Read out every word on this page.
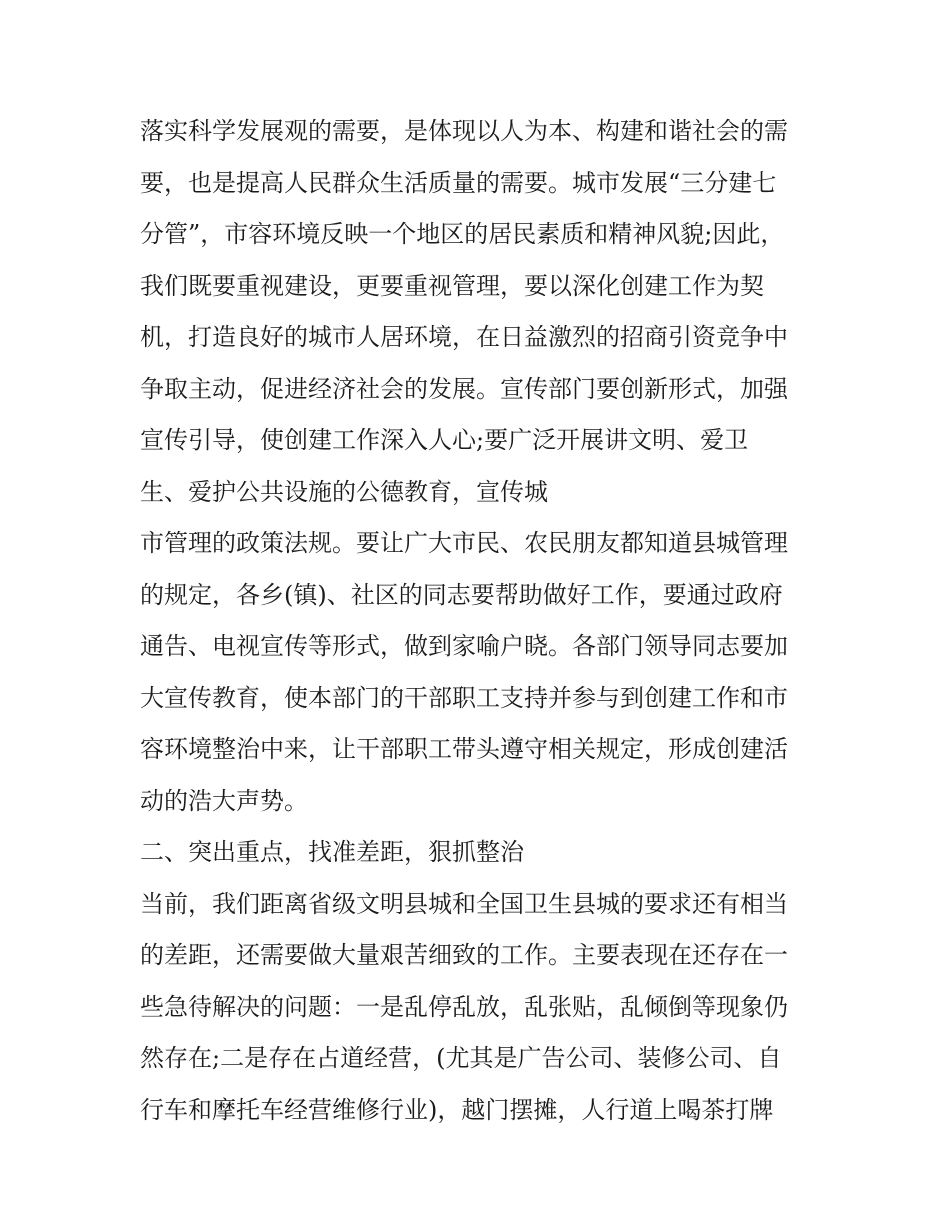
落实科学发展观的需要，是体现以人为本、构建和谐社会的需
要，也是提高人民群众生活质量的需要。城市发展“三分建七
分管”，市容环境反映一个地区的居民素质和精神风貌;因此，
我们既要重视建设，更要重视管理，要以深化创建工作为契
机，打造良好的城市人居环境，在日益激烈的招商引资竞争中
争取主动，促进经济社会的发展。宣传部门要创新形式，加强
宣传引导，使创建工作深入人心;要广泛开展讲文明、爱卫
生、爱护公共设施的公德教育，宣传城
市管理的政策法规。要让广大市民、农民朋友都知道县城管理
的规定，各乡(镇)、社区的同志要帮助做好工作，要通过政府
通告、电视宣传等形式，做到家喻户晓。各部门领导同志要加
大宣传教育，使本部门的干部职工支持并参与到创建工作和市
容环境整治中来，让干部职工带头遵守相关规定，形成创建活
动的浩大声势。
二、突出重点，找准差距，狠抓整治
当前，我们距离省级文明县城和全国卫生县城的要求还有相当
的差距，还需要做大量艰苦细致的工作。主要表现在还存在一
些急待解决的问题：一是乱停乱放，乱张贴，乱倾倒等现象仍
然存在;二是存在占道经营，(尤其是广告公司、装修公司、自
行车和摩托车经营维修行业)，越门摆摊，人行道上喝茶打牌
